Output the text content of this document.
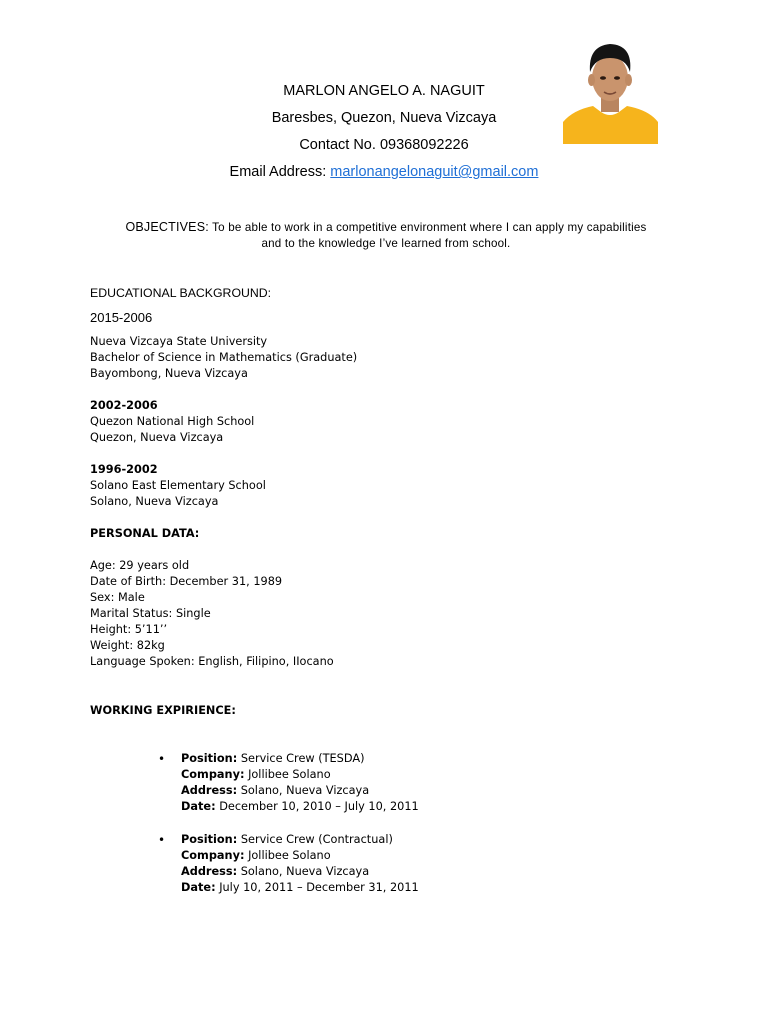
MARLON ANGELO A. NAGUIT
Baresbes, Quezon, Nueva Vizcaya
Contact No. 09368092226
Email Address: marlonangelonaguit@gmail.com
OBJECTIVES: To be able to work in a competitive environment where I can apply my capabilities
and to the knowledge I’ve learned from school.
EDUCATIONAL BACKGROUND:
2015-2006
Nueva Vizcaya State University
Bachelor of Science in Mathematics (Graduate)
Bayombong, Nueva Vizcaya
2002-2006
Quezon National High School
Quezon, Nueva Vizcaya
1996-2002
Solano East Elementary School
Solano, Nueva Vizcaya
PERSONAL DATA:
Age: 29 years old
Date of Birth: December 31, 1989
Sex: Male
Marital Status: Single
Height: 5’11’’
Weight: 82kg
Language Spoken: English, Filipino, IIocano
WORKING EXPIRIENCE:
• Position: Service Crew (TESDA)
Company: Jollibee Solano
Address: Solano, Nueva Vizcaya
Date: December 10, 2010 – July 10, 2011
• Position: Service Crew (Contractual)
Company: Jollibee Solano
Address: Solano, Nueva Vizcaya
Date: July 10, 2011 – December 31, 2011
